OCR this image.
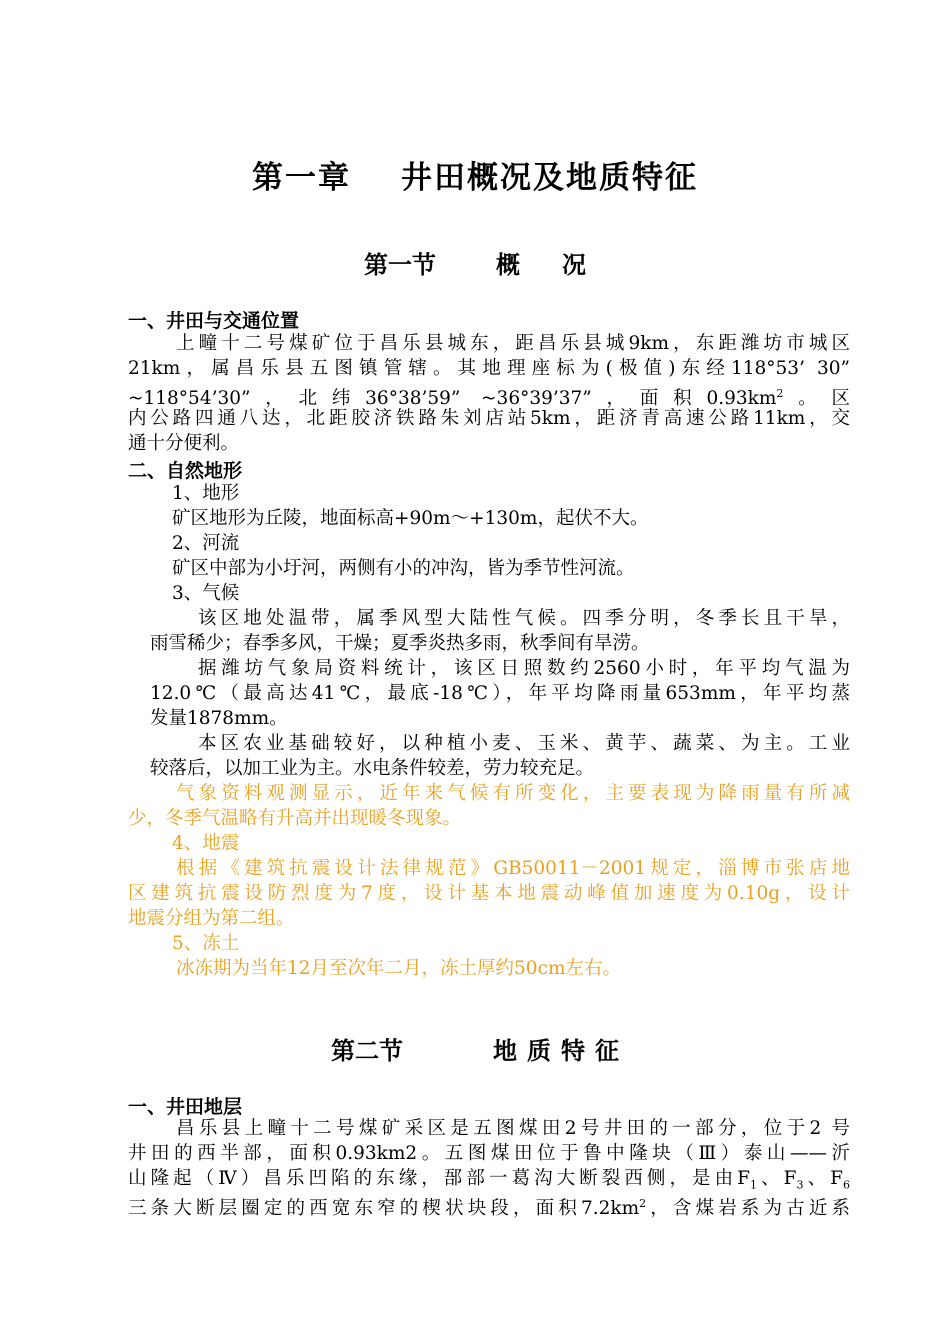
第一章 井田概况及地质特征
第一节	概 况
一、井田与交通位置
上疃十二号煤矿位于昌乐县城东，距昌乐县城9km，东距潍坊市城区
21km，属昌乐县五图镇管辖。其地理座标为(极值)东经118°53’ 30”
~118°54’30”，北纬36°38’59” ~36°39’37”，面积$0.93km^2$。区
内公路四通八达，北距胶济铁路朱刘店站5km，距济青高速公路11km，交
通十分便利。
二、自然地形
1、地形
矿区地形为丘陵，地面标高+90m～+130m，起伏不大。
2、河流
矿区中部为小圩河，两侧有小的冲沟，皆为季节性河流。
3、气候
该区地处温带，属季风型大陆性气候。四季分明，冬季长且干旱，
雨雪稀少；春季多风，干燥；夏季炎热多雨，秋季间有旱涝。
据潍坊气象局资料统计，该区日照数约2560小时，年平均气温为
12.0℃（最高达41℃，最底-18℃），年平均降雨量653mm，年平均蒸
发量1878mm。
本区农业基础较好，以种植小麦、玉米、黄芋、蔬菜、为主。工业
较落后，以加工业为主。水电条件较差，劳力较充足。
气象资料观测显示，近年来气候有所变化，主要表现为降雨量有所减
少，冬季气温略有升高并出现暖冬现象。
4、地震
根据《建筑抗震设计法律规范》GB50011－2001规定，淄博市张店地
区建筑抗震设防烈度为7度，设计基本地震动峰值加速度为0.10g，设计
地震分组为第二组。
5、冻土
冰冻期为当年12月至次年二月，冻土厚约50cm左右。
第二节	地 质 特 征
一、井田地层
昌乐县上疃十二号煤矿采区是五图煤田2号井田的一部分，位于2 号
井田的西半部，面积0.93km2。五图煤田位于鲁中隆块（Ⅲ）泰山——沂
山隆起（Ⅳ）昌乐凹陷的东缘，郚部一葛沟大断裂西侧，是由$F_1$、$F_3$、$F_6$
三条大断层圈定的西宽东窄的楔状块段，面积$7.2km^2$，含煤岩系为古近系
